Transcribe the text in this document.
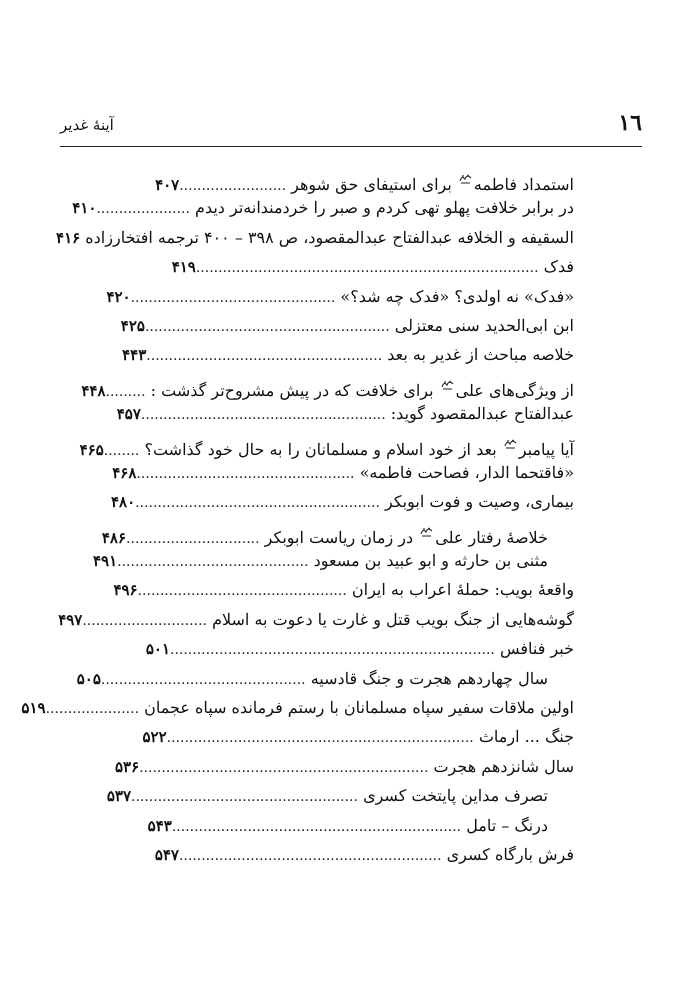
١٦
آینهٔ غدیر
استمداد فاطمه برای استیفای حق شوهر ........................۴۰۷
در برابر خلافت پهلو تهی کردم و صبر را خردمندانه‌تر دیدم .....................۴۱۰
السقیفه و الخلافه عبدالفتاح عبدالمقصود، ص ۳۹۸ – ۴۰۰ ترجمه افتخارزاده ۴۱۶
فدک .............................................................................۴۱۹
«فدک» نه اولدی؟ «فدک چه شد؟» ..............................................۴۲۰
ابن ابی‌الحدید سنی معتزلی .......................................................۴۲۵
خلاصه مباحث از غدیر به بعد .....................................................۴۴۳
از ویژگی‌های علی برای خلافت که در پیش مشروح‌تر گذشت : .........۴۴۸
عبدالفتاح عبدالمقصود گوید: .......................................................۴۵۷
آیا پیامبر بعد از خود اسلام و مسلمانان را به حال خود گذاشت؟ ........۴۶۵
«فاقتحما الدار، فصاحت فاطمه» .................................................۴۶۸
بیماری، وصیت و فوت ابوبکر .......................................................۴۸۰
خلاصهٔ رفتار علی در زمان ریاست ابوبکر ..............................۴۸۶
مثنی بن حارثه و ابو عبید بن مسعود ...........................................۴۹۱
واقعهٔ بویب: حملهٔ اعراب به ایران ...............................................۴۹۶
گوشه‌هایی از جنگ بویب قتل و غارت یا دعوت به اسلام ............................۴۹۷
خبر فنافس .........................................................................۵۰۱
سال چهاردهم هجرت و جنگ قادسیه ..............................................۵۰۵
اولین ملاقات سفیر سپاه مسلمانان با رستم فرمانده سپاه عجمان .....................۵۱۹
جنگ ... ارماث .....................................................................۵۲۲
سال شانزدهم هجرت .................................................................۵۳۶
تصرف مداین پایتخت کسری ...................................................۵۳۷
درنگ – تامل .................................................................۵۴۳
فرش بارگاه کسری ...........................................................۵۴۷
